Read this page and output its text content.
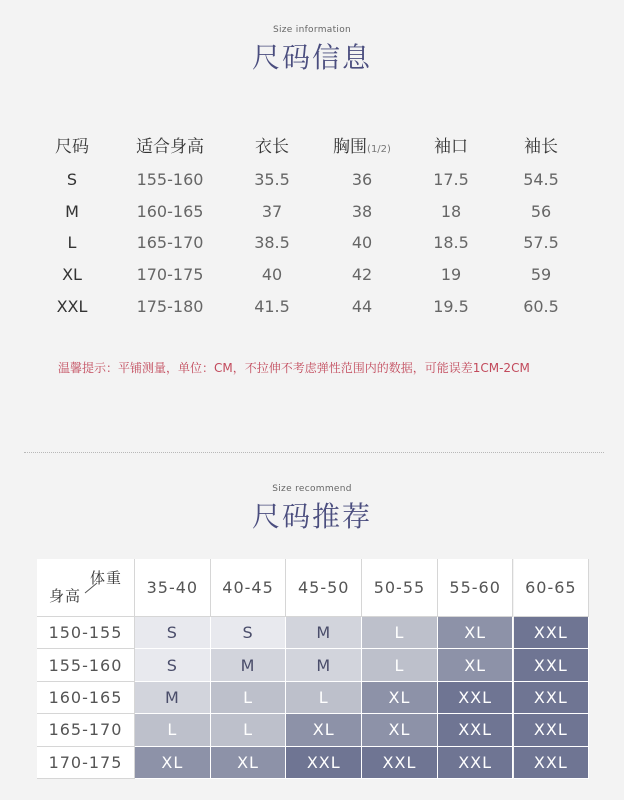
Size information
尺码信息
尺码	适合身高	衣长	胸围(1/2)	袖口	袖长
S	155-160	35.5	36	17.5	54.5
M	160-165	37	38	18	56
L	165-170	38.5	40	18.5	57.5
XL	170-175	40	42	19	59
XXL	175-180	41.5	44	19.5	60.5
温馨提示：平铺测量，单位：CM，不拉伸不考虑弹性范围内的数据，可能误差1CM-2CM
Size recommend
尺码推荐
体重
身高	35-40	40-45	45-50	50-55	55-60	60-65
150-155	S	S	M	L	XL	XXL
155-160	S	M	M	L	XL	XXL
160-165	M	L	L	XL	XXL	XXL
165-170	L	L	XL	XL	XXL	XXL
170-175	XL	XL	XXL	XXL	XXL	XXL
